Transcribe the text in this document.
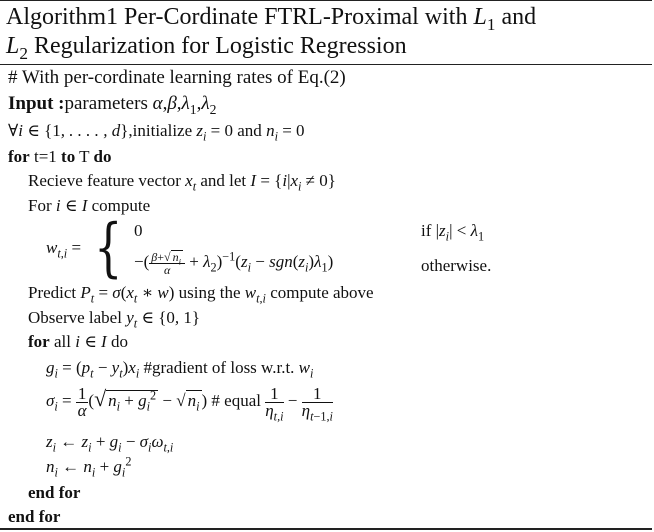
Algorithm1 Per-Cordinate FTRL-Proximal with $L_1$ and
$L_2$ Regularization for Logistic Regression
# With per-cordinate learning rates of Eq.(2)
Input :parameters $\alpha,\beta,\lambda_1,\lambda_2$
∀i ∈ {1, . . . . , d},initialize $z_i = 0$ and $n_i = 0$
for t=1 to T do
Recieve feature vector $x_t$ and let $I = \{i|x_i \ne 0\}$
For i ∈ I compute
$w_{t,i}$ = { 0	if $|z_i| < \lambda_1$
−( $\frac{\beta+√ n_i}{\alpha} + \lambda_2)^{-1}(z_i - sgn(z_i)\lambda_1)$	otherwise.
Predict $P_t = \sigma(x_t$ ∗ w) using the $w_{t,i}$ compute above
Observe label $y_t$ ∈ {0, 1}
for all i ∈ I do
$g_i = (p_t - y_t)x_i$ #gradient of loss w.r.t. $w_i$
$\sigma_i = \frac{1}{\alpha}$ (√ $n_i + g_i^2$ − √ $n_i$ ) # equal $\frac{1}{\eta_{t,i}} - \frac{1}{\eta_{t-1,i}}$
$z_i$ ← $z_i + g_i - \sigma_i\omega_{t,i}$
$n_i$ ← $n_i + g_i^2$
end for
end for
